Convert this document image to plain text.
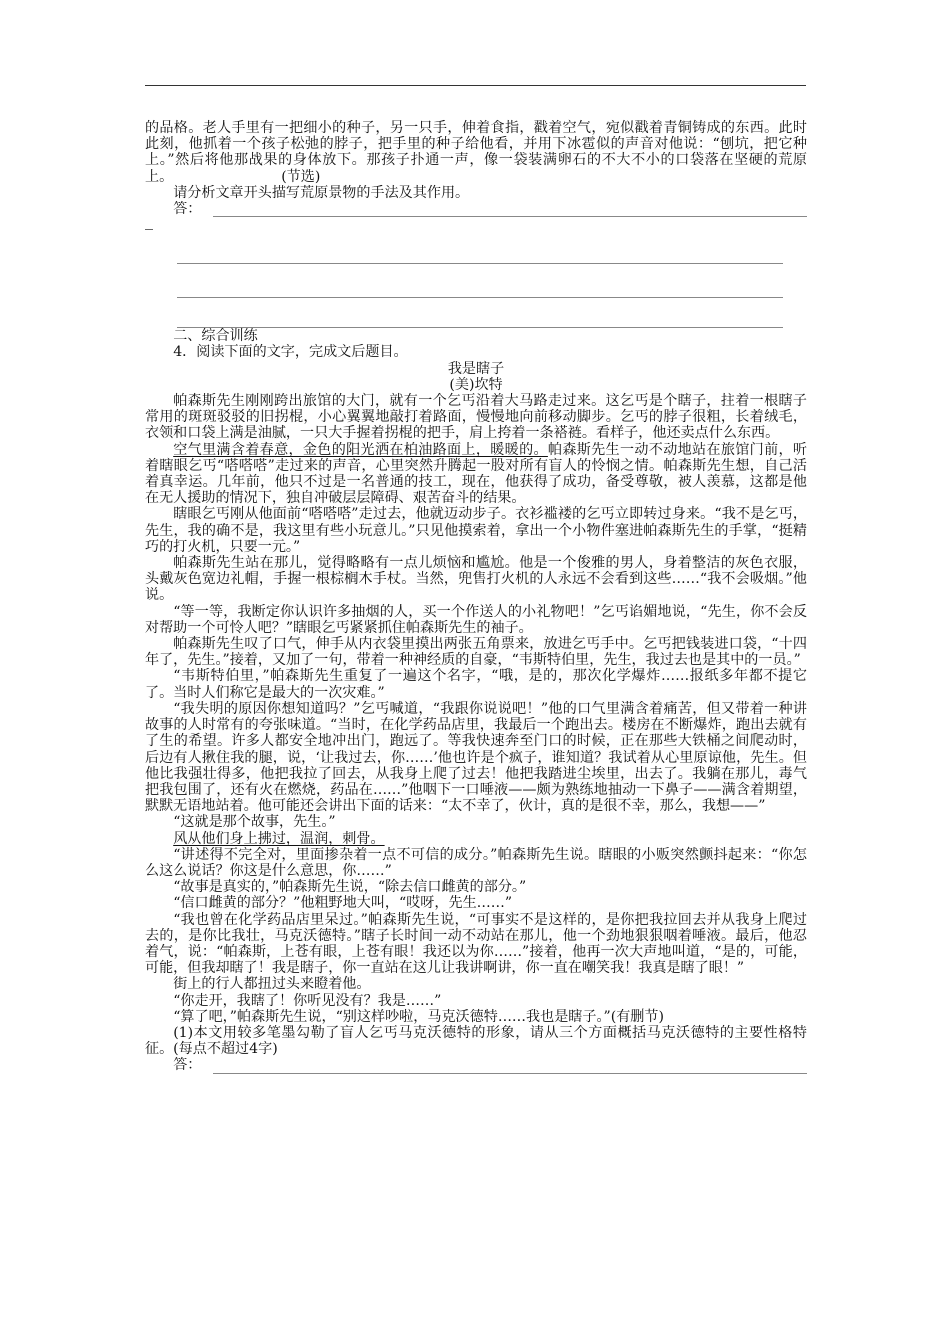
的品格。老人手里有一把细小的种子，另一只手，伸着食指，戳着空气，宛似戳着青铜铸成的东西。此时此刻，他抓着一个孩子松弛的脖子，把手里的种子给他看，并用下冰雹似的声音对他说：“刨坑，把它种上。”然后将他那战果的身体放下。那孩子扑通一声，像一袋装满卵石的不大不小的口袋落在坚硬的荒原上。	(节选)

请分析文章开头描写荒原景物的手法及其作用。

答：

二、综合训练

4．阅读下面的文字，完成文后题目。

我是瞎子

(美)坎特

帕森斯先生刚刚跨出旅馆的大门，就有一个乞丐沿着大马路走过来。这乞丐是个瞎子，拄着一根瞎子常用的斑斑驳驳的旧拐棍，小心翼翼地敲打着路面，慢慢地向前移动脚步。乞丐的脖子很粗，长着绒毛，衣领和口袋上满是油腻，一只大手握着拐棍的把手，肩上挎着一条褡裢。看样子，他还卖点什么东西。

空气里满含着春意，金色的阳光洒在柏油路面上，暖暖的。帕森斯先生一动不动地站在旅馆门前，听着瞎眼乞丐“嗒嗒嗒”走过来的声音，心里突然升腾起一股对所有盲人的怜悯之情。帕森斯先生想，自己活着真幸运。几年前，他只不过是一名普通的技工，现在，他获得了成功，备受尊敬，被人羡慕，这都是他在无人援助的情况下，独自冲破层层障碍、艰苦奋斗的结果。

瞎眼乞丐刚从他面前“嗒嗒嗒”走过去，他就迈动步子。衣衫褴褛的乞丐立即转过身来。“我不是乞丐，先生，我的确不是，我这里有些小玩意儿。”只见他摸索着，拿出一个小物件塞进帕森斯先生的手掌，“挺精巧的打火机，只要一元。”

帕森斯先生站在那儿，觉得略略有一点儿烦恼和尴尬。他是一个俊雅的男人，身着整洁的灰色衣服，头戴灰色宽边礼帽，手握一根棕榈木手杖。当然，兜售打火机的人永远不会看到这些……“我不会吸烟。”他说。

“等一等，我断定你认识许多抽烟的人，买一个作送人的小礼物吧！”乞丐谄媚地说，“先生，你不会反对帮助一个可怜人吧？”瞎眼乞丐紧紧抓住帕森斯先生的袖子。

帕森斯先生叹了口气，伸手从内衣袋里摸出两张五角票来，放进乞丐手中。乞丐把钱装进口袋，“十四年了，先生。”接着，又加了一句，带着一种神经质的自豪，“韦斯特伯里，先生，我过去也是其中的一员。”

“韦斯特伯里，”帕森斯先生重复了一遍这个名字，“哦，是的，那次化学爆炸……报纸多年都不提它了。当时人们称它是最大的一次灾难。”

“我失明的原因你想知道吗？”乞丐喊道，“我跟你说说吧！”他的口气里满含着痛苦，但又带着一种讲故事的人时常有的夸张味道。“当时，在化学药品店里，我最后一个跑出去。楼房在不断爆炸，跑出去就有了生的希望。许多人都安全地冲出门，跑远了。等我快速奔至门口的时候，正在那些大铁桶之间爬动时，后边有人揪住我的腿，说，‘让我过去，你……’他也许是个疯子，谁知道？我试着从心里原谅他，先生。但他比我强壮得多，他把我拉了回去，从我身上爬了过去！他把我踏进尘埃里，出去了。我躺在那儿，毒气把我包围了，还有火在燃烧，药品在……”他咽下一口唾液——颇为熟练地抽动一下鼻子——满含着期望，默默无语地站着。他可能还会讲出下面的话来：“太不幸了，伙计，真的是很不幸，那么，我想——”

“这就是那个故事，先生。”

风从他们身上拂过，温润，刺骨。

“讲述得不完全对，里面掺杂着一点不可信的成分。”帕森斯先生说。瞎眼的小贩突然颤抖起来：“你怎么这么说话？你这是什么意思，你……”

“故事是真实的，”帕森斯先生说，“除去信口雌黄的部分。”

“信口雌黄的部分？”他粗野地大叫，“哎呀，先生……”

“我也曾在化学药品店里呆过。”帕森斯先生说，“可事实不是这样的，是你把我拉回去并从我身上爬过去的，是你比我壮，马克沃德特。”瞎子长时间一动不动站在那儿，他一个劲地狠狠咽着唾液。最后，他忍着气，说：“帕森斯，上苍有眼，上苍有眼！我还以为你……”接着，他再一次大声地叫道，“是的，可能，可能，但我却瞎了！我是瞎子，你一直站在这儿让我讲啊讲，你一直在嘲笑我！我真是瞎了眼！”

街上的行人都扭过头来瞪着他。

“你走开，我瞎了！你听见没有？我是……”

“算了吧，”帕森斯先生说，“别这样吵啦，马克沃德特……我也是瞎子。”(有删节)

(1)本文用较多笔墨勾勒了盲人乞丐马克沃德特的形象，请从三个方面概括马克沃德特的主要性格特征。(每点不超过4字)

答：
